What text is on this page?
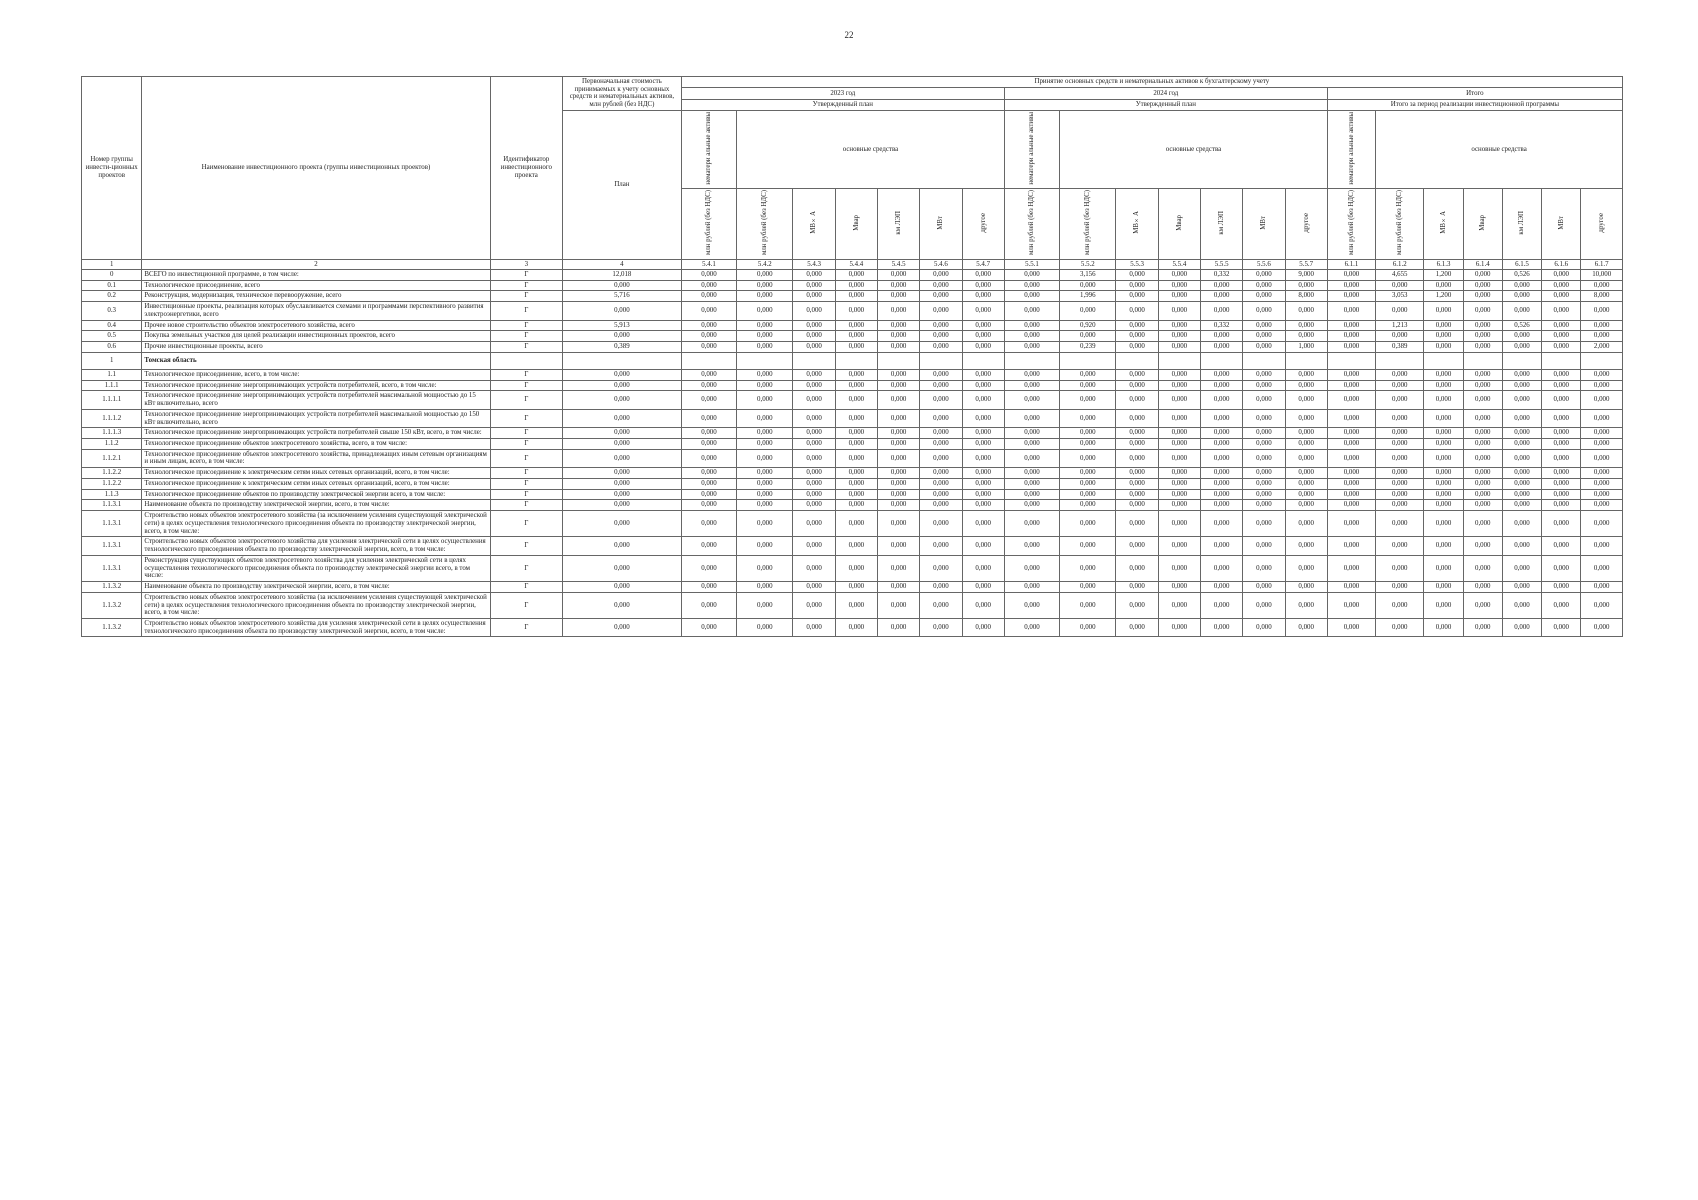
22
Номер группы инвести-ционных проектов	Наименование инвестиционного проекта (группы инвестиционных проектов)	Идентификатор инвестиционного проекта	Первоначальная стоимость принимаемых к учету основных средств и нематериальных активов, млн рублей (без НДС)	Принятие основных средств и нематериальных активов к бухгалтерскому учету																				
				2023 год							2024 год							Итого						
				Утвержденный план							Утвержденный план							Итого за период реализации инвестиционной программы						
			План	нематери альные активы	основные средства						нематери альные активы	основные средства						нематери альные активы	основные средства					
				млн рублей (без НДС)	млн рублей (без НДС)	МВ×А	Мвар	км ЛЭП	МВт	другое	млн рублей (без НДС)	млн рублей (без НДС)	МВ×А	Мвар	км ЛЭП	МВт	другое	млн рублей (без НДС)	млн рублей (без НДС)	МВ×А	Мвар	км ЛЭП	МВт	другое
1	2	3	4	5.4.1	5.4.2	5.4.3	5.4.4	5.4.5	5.4.6	5.4.7	5.5.1	5.5.2	5.5.3	5.5.4	5.5.5	5.5.6	5.5.7	6.1.1	6.1.2	6.1.3	6.1.4	6.1.5	6.1.6	6.1.7
0	ВСЕГО по инвестиционной программе, в том числе:	Г	12,018	0,000	0,000	0,000	0,000	0,000	0,000	0,000	0,000	3,156	0,000	0,000	0,332	0,000	9,000	0,000	4,655	1,200	0,000	0,526	0,000	10,000
0.1	Технологическое присоединение, всего	Г	0,000	0,000	0,000	0,000	0,000	0,000	0,000	0,000	0,000	0,000	0,000	0,000	0,000	0,000	0,000	0,000	0,000	0,000	0,000	0,000	0,000	0,000
0.2	Реконструкция, модернизация, техническое перевооружение, всего	Г	5,716	0,000	0,000	0,000	0,000	0,000	0,000	0,000	0,000	1,996	0,000	0,000	0,000	0,000	8,000	0,000	3,053	1,200	0,000	0,000	0,000	8,000
0.3	Инвестиционные проекты, реализация которых обуславливается схемами и программами перспективного развития электроэнергетики, всего	Г	0,000	0,000	0,000	0,000	0,000	0,000	0,000	0,000	0,000	0,000	0,000	0,000	0,000	0,000	0,000	0,000	0,000	0,000	0,000	0,000	0,000	0,000
0.4	Прочее новое строительство объектов электросетевого хозяйства, всего	Г	5,913	0,000	0,000	0,000	0,000	0,000	0,000	0,000	0,000	0,920	0,000	0,000	0,332	0,000	0,000	0,000	1,213	0,000	0,000	0,526	0,000	0,000
0.5	Покупка земельных участков для целей реализации инвестиционных проектов, всего	Г	0,000	0,000	0,000	0,000	0,000	0,000	0,000	0,000	0,000	0,000	0,000	0,000	0,000	0,000	0,000	0,000	0,000	0,000	0,000	0,000	0,000	0,000
0.6	Прочие инвестиционные проекты, всего	Г	0,389	0,000	0,000	0,000	0,000	0,000	0,000	0,000	0,000	0,239	0,000	0,000	0,000	0,000	1,000	0,000	0,389	0,000	0,000	0,000	0,000	2,000
1	Томская область																							
1.1	Технологическое присоединение, всего, в том числе:	Г	0,000	0,000	0,000	0,000	0,000	0,000	0,000	0,000	0,000	0,000	0,000	0,000	0,000	0,000	0,000	0,000	0,000	0,000	0,000	0,000	0,000	0,000
1.1.1	Технологическое присоединение энергопринимающих устройств потребителей, всего, в том числе:	Г	0,000	0,000	0,000	0,000	0,000	0,000	0,000	0,000	0,000	0,000	0,000	0,000	0,000	0,000	0,000	0,000	0,000	0,000	0,000	0,000	0,000	0,000
1.1.1.1	Технологическое присоединение энергопринимающих устройств потребителей максимальной мощностью до 15 кВт включительно, всего	Г	0,000	0,000	0,000	0,000	0,000	0,000	0,000	0,000	0,000	0,000	0,000	0,000	0,000	0,000	0,000	0,000	0,000	0,000	0,000	0,000	0,000	0,000
1.1.1.2	Технологическое присоединение энергопринимающих устройств потребителей максимальной мощностью до 150 кВт включительно, всего	Г	0,000	0,000	0,000	0,000	0,000	0,000	0,000	0,000	0,000	0,000	0,000	0,000	0,000	0,000	0,000	0,000	0,000	0,000	0,000	0,000	0,000	0,000
1.1.1.3	Технологическое присоединение энергопринимающих устройств потребителей свыше 150 кВт, всего, в том числе:	Г	0,000	0,000	0,000	0,000	0,000	0,000	0,000	0,000	0,000	0,000	0,000	0,000	0,000	0,000	0,000	0,000	0,000	0,000	0,000	0,000	0,000	0,000
1.1.2	Технологическое присоединение объектов электросетевого хозяйства, всего, в том числе:	Г	0,000	0,000	0,000	0,000	0,000	0,000	0,000	0,000	0,000	0,000	0,000	0,000	0,000	0,000	0,000	0,000	0,000	0,000	0,000	0,000	0,000	0,000
1.1.2.1	Технологическое присоединение объектов электросетевого хозяйства, принадлежащих иным сетевым организациям и иным лицам, всего, в том числе:	Г	0,000	0,000	0,000	0,000	0,000	0,000	0,000	0,000	0,000	0,000	0,000	0,000	0,000	0,000	0,000	0,000	0,000	0,000	0,000	0,000	0,000	0,000
1.1.2.2	Технологическое присоединение к электрическим сетям иных сетевых организаций, всего, в том числе:	Г	0,000	0,000	0,000	0,000	0,000	0,000	0,000	0,000	0,000	0,000	0,000	0,000	0,000	0,000	0,000	0,000	0,000	0,000	0,000	0,000	0,000	0,000
1.1.2.2	Технологическое присоединение к электрическим сетям иных сетевых организаций, всего, в том числе:	Г	0,000	0,000	0,000	0,000	0,000	0,000	0,000	0,000	0,000	0,000	0,000	0,000	0,000	0,000	0,000	0,000	0,000	0,000	0,000	0,000	0,000	0,000
1.1.3	Технологическое присоединение объектов по производству электрической энергии всего, в том числе:	Г	0,000	0,000	0,000	0,000	0,000	0,000	0,000	0,000	0,000	0,000	0,000	0,000	0,000	0,000	0,000	0,000	0,000	0,000	0,000	0,000	0,000	0,000
1.1.3.1	Наименование объекта по производству электрической энергии, всего, в том числе:	Г	0,000	0,000	0,000	0,000	0,000	0,000	0,000	0,000	0,000	0,000	0,000	0,000	0,000	0,000	0,000	0,000	0,000	0,000	0,000	0,000	0,000	0,000
1.1.3.1	Строительство новых объектов электросетевого хозяйства (за исключением усиления существующей электрической сети) в целях осуществления технологического присоединения объекта по производству электрической энергии, всего, в том числе:	Г	0,000	0,000	0,000	0,000	0,000	0,000	0,000	0,000	0,000	0,000	0,000	0,000	0,000	0,000	0,000	0,000	0,000	0,000	0,000	0,000	0,000	0,000
1.1.3.1	Строительство новых объектов электросетевого хозяйства для усиления электрической сети в целях осуществления технологического присоединения объекта по производству электрической энергии, всего, в том числе:	Г	0,000	0,000	0,000	0,000	0,000	0,000	0,000	0,000	0,000	0,000	0,000	0,000	0,000	0,000	0,000	0,000	0,000	0,000	0,000	0,000	0,000	0,000
1.1.3.1	Реконструкция существующих объектов электросетевого хозяйства для усиления электрической сети в целях осуществления технологического присоединения объекта по производству электрической энергии всего, в том числе:	Г	0,000	0,000	0,000	0,000	0,000	0,000	0,000	0,000	0,000	0,000	0,000	0,000	0,000	0,000	0,000	0,000	0,000	0,000	0,000	0,000	0,000	0,000
1.1.3.2	Наименование объекта по производству электрической энергии, всего, в том числе:	Г	0,000	0,000	0,000	0,000	0,000	0,000	0,000	0,000	0,000	0,000	0,000	0,000	0,000	0,000	0,000	0,000	0,000	0,000	0,000	0,000	0,000	0,000
1.1.3.2	Строительство новых объектов электросетевого хозяйства (за исключением усиления существующей электрической сети) в целях осуществления технологического присоединения объекта по производству электрической энергии, всего, в том числе:	Г	0,000	0,000	0,000	0,000	0,000	0,000	0,000	0,000	0,000	0,000	0,000	0,000	0,000	0,000	0,000	0,000	0,000	0,000	0,000	0,000	0,000	0,000
1.1.3.2	Строительство новых объектов электросетевого хозяйства для усиления электрической сети в целях осуществления технологического присоединения объекта по производству электрической энергии, всего, в том числе:	Г	0,000	0,000	0,000	0,000	0,000	0,000	0,000	0,000	0,000	0,000	0,000	0,000	0,000	0,000	0,000	0,000	0,000	0,000	0,000	0,000	0,000	0,000
